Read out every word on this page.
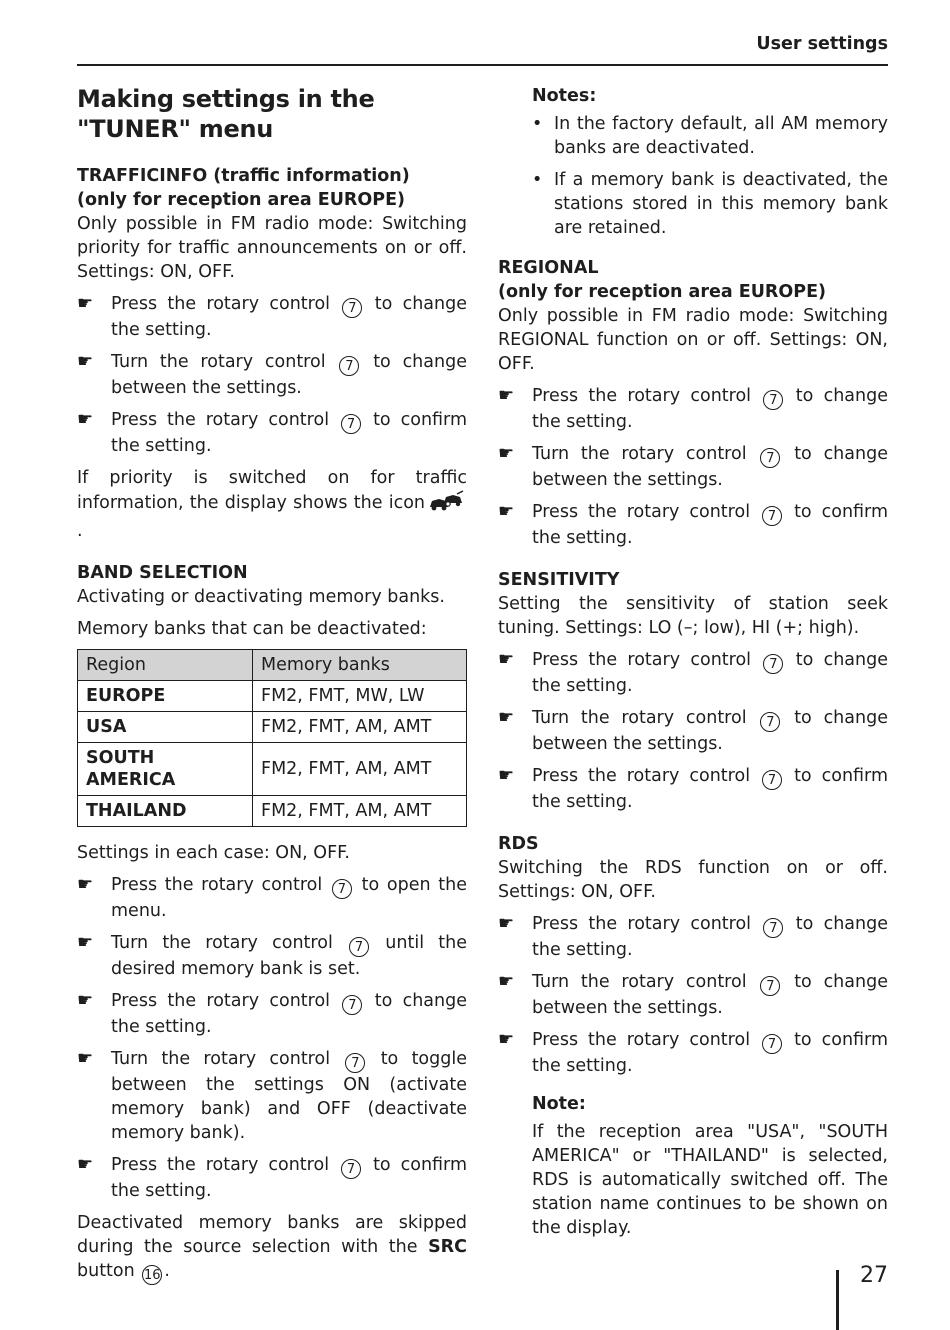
User settings
Making settings in the "TUNER" menu
TRAFFICINFO (traffic information)
(only for reception area EUROPE)

Only possible in FM radio mode: Switching priority for traffic announcements on or off. Settings: ON, OFF.

☛ Press the rotary control 7 to change the setting.
☛ Turn the rotary control 7 to change between the settings.
☛ Press the rotary control 7 to confirm the setting.

If priority is switched on for traffic information, the display shows the icon.

BAND SELECTION

Activating or deactivating memory banks.

Memory banks that can be deactivated:

Region	Memory banks
EUROPE	FM2, FMT, MW, LW
USA	FM2, FMT, AM, AMT
SOUTH AMERICA	FM2, FMT, AM, AMT
THAILAND	FM2, FMT, AM, AMT

Settings in each case: ON, OFF.

☛ Press the rotary control 7 to open the menu.
☛ Turn the rotary control 7 until the desired memory bank is set.
☛ Press the rotary control 7 to change the setting.
☛ Turn the rotary control 7 to toggle between the settings ON (activate memory bank) and OFF (deactivate memory bank).
☛ Press the rotary control 7 to confirm the setting.

Deactivated memory banks are skipped during the source selection with the SRC button 16 .

Notes:
• In the factory default, all AM memory banks are deactivated.
• If a memory bank is deactivated, the stations stored in this memory bank are retained.
REGIONAL
(only for reception area EUROPE)

Only possible in FM radio mode: Switching REGIONAL function on or off. Settings: ON, OFF.

☛ Press the rotary control 7 to change the setting.
☛ Turn the rotary control 7 to change between the settings.
☛ Press the rotary control 7 to confirm the setting.
SENSITIVITY

Setting the sensitivity of station seek tuning. Settings: LO (–; low), HI (+; high).

☛ Press the rotary control 7 to change the setting.
☛ Turn the rotary control 7 to change between the settings.
☛ Press the rotary control 7 to confirm the setting.
RDS

Switching the RDS function on or off. Settings: ON, OFF.

☛ Press the rotary control 7 to change the setting.
☛ Turn the rotary control 7 to change between the settings.
☛ Press the rotary control 7 to confirm the setting.
Note:

If the reception area "USA", "SOUTH AMERICA" or "THAILAND" is selected, RDS is automatically switched off. The station name continues to be shown on the display.

27
